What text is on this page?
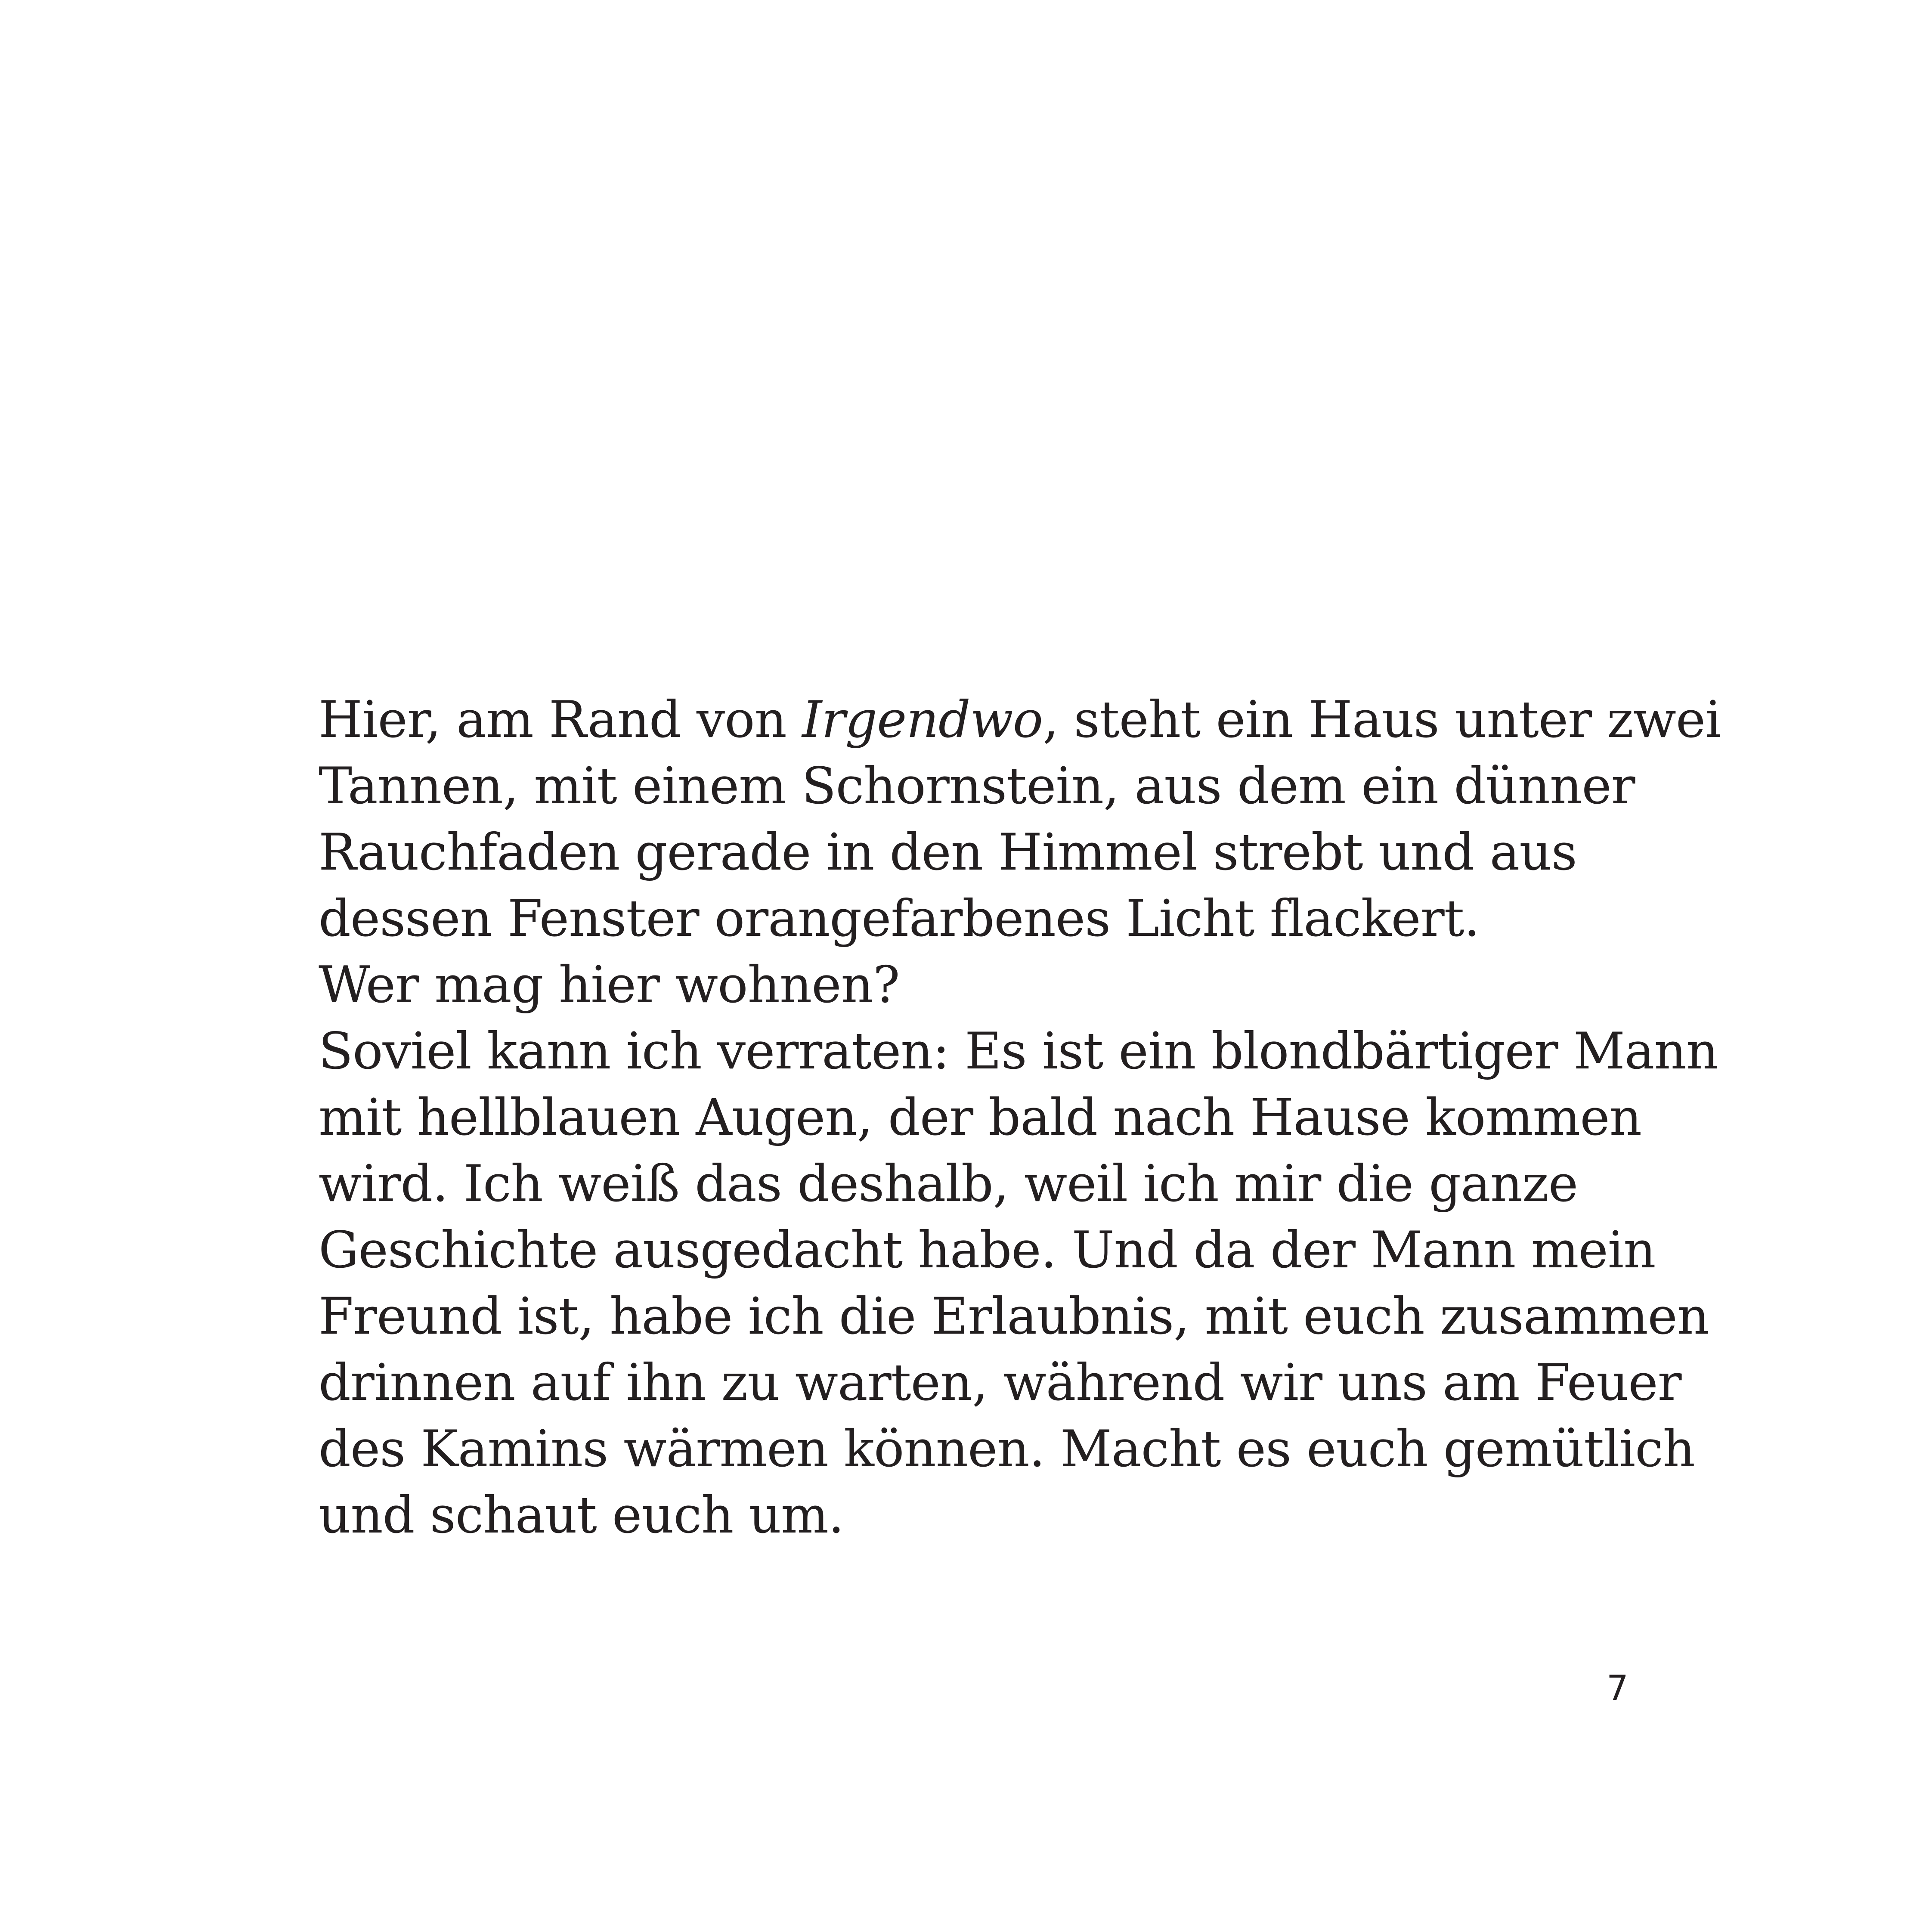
Hier, am Rand von Irgendwo, steht ein Haus unter zwei
Tannen, mit einem Schornstein, aus dem ein dünner
Rauchfaden gerade in den Himmel strebt und aus
dessen Fenster orangefarbenes Licht flackert.
Wer mag hier wohnen?
Soviel kann ich verraten: Es ist ein blondbärtiger Mann
mit hellblauen Augen, der bald nach Hause kommen
wird. Ich weiß das deshalb, weil ich mir die ganze
Geschichte ausgedacht habe. Und da der Mann mein
Freund ist, habe ich die Erlaubnis, mit euch zusammen
drinnen auf ihn zu warten, während wir uns am Feuer
des Kamins wärmen können. Macht es euch gemütlich
und schaut euch um.
7
